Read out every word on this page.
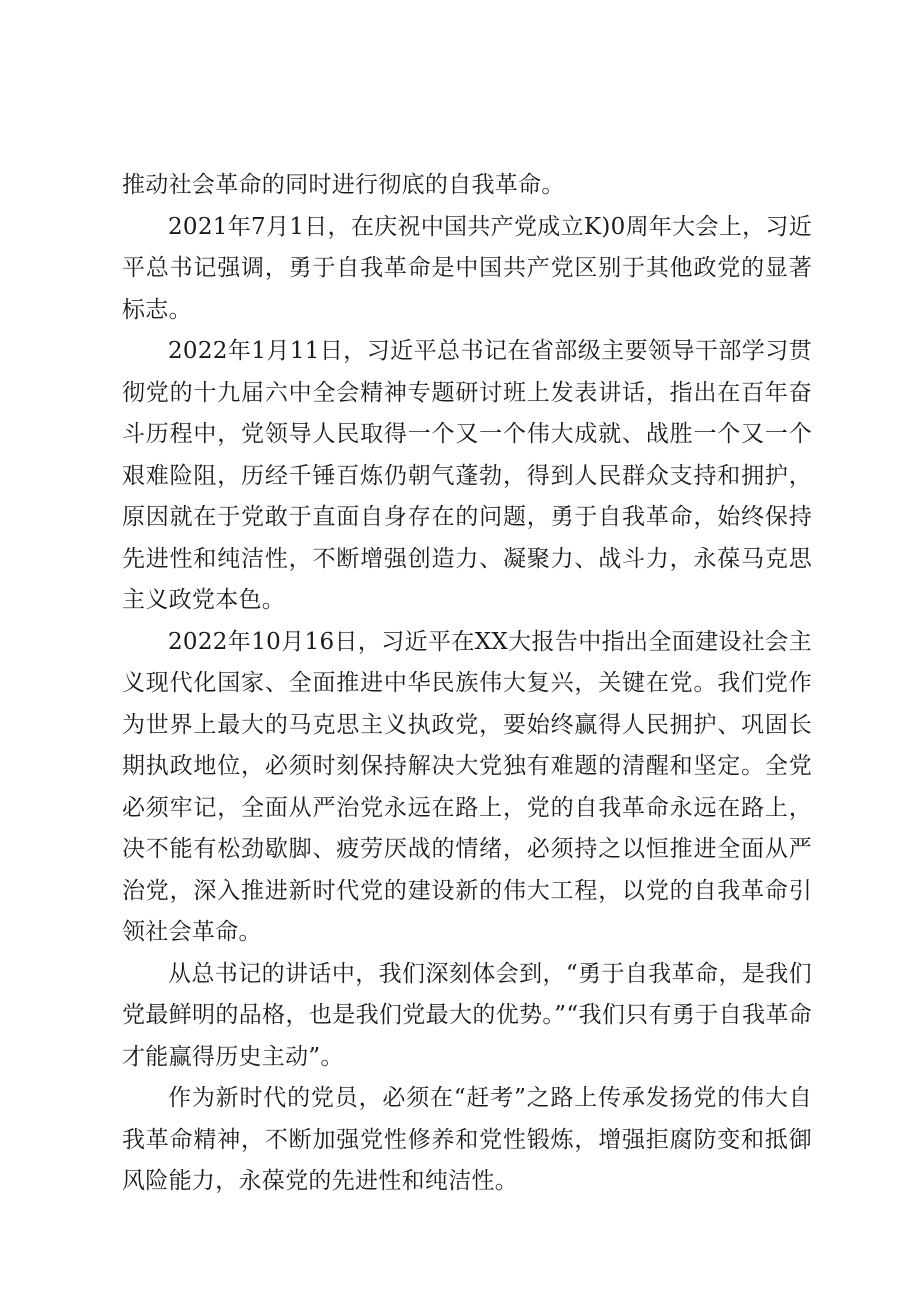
推动社会革命的同时进行彻底的自我革命。

2021年7月1日，在庆祝中国共产党成立K)0周年大会上，习近平总书记强调，勇于自我革命是中国共产党区别于其他政党的显著标志。

2022年1月11日，习近平总书记在省部级主要领导干部学习贯彻党的十九届六中全会精神专题研讨班上发表讲话，指出在百年奋斗历程中，党领导人民取得一个又一个伟大成就、战胜一个又一个艰难险阻，历经千锤百炼仍朝气蓬勃，得到人民群众支持和拥护，原因就在于党敢于直面自身存在的问题，勇于自我革命，始终保持先进性和纯洁性，不断增强创造力、凝聚力、战斗力，永葆马克思主义政党本色。

2022年10月16日，习近平在XX大报告中指出全面建设社会主义现代化国家、全面推进中华民族伟大复兴，关键在党。我们党作为世界上最大的马克思主义执政党，要始终赢得人民拥护、巩固长期执政地位，必须时刻保持解决大党独有难题的清醒和坚定。全党必须牢记，全面从严治党永远在路上，党的自我革命永远在路上，决不能有松劲歇脚、疲劳厌战的情绪，必须持之以恒推进全面从严治党，深入推进新时代党的建设新的伟大工程，以党的自我革命引领社会革命。

从总书记的讲话中，我们深刻体会到，“勇于自我革命，是我们党最鲜明的品格，也是我们党最大的优势。”“我们只有勇于自我革命才能赢得历史主动”。

作为新时代的党员，必须在“赶考”之路上传承发扬党的伟大自我革命精神，不断加强党性修养和党性锻炼，增强拒腐防变和抵御风险能力，永葆党的先进性和纯洁性。
